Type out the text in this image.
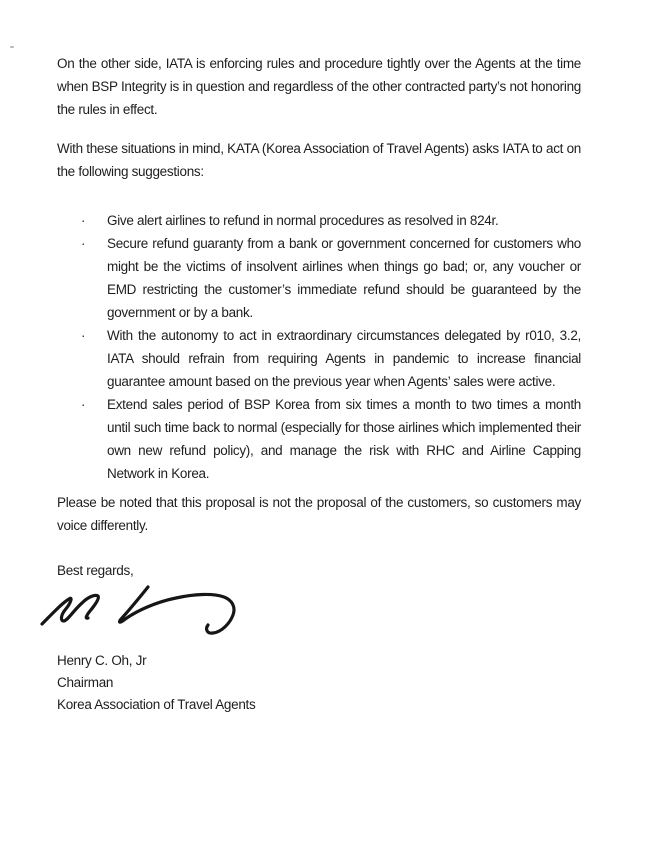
On the other side, IATA is enforcing rules and procedure tightly over the Agents at the time when BSP Integrity is in question and regardless of the other contracted party’s not honoring the rules in effect.

With these situations in mind, KATA (Korea Association of Travel Agents) asks IATA to act on the following suggestions:

·	Give alert airlines to refund in normal procedures as resolved in 824r.
·	Secure refund guaranty from a bank or government concerned for customers who might be the victims of insolvent airlines when things go bad; or, any voucher or EMD restricting the customer’s immediate refund should be guaranteed by the government or by a bank.
·	With the autonomy to act in extraordinary circumstances delegated by r010, 3.2, IATA should refrain from requiring Agents in pandemic to increase financial guarantee amount based on the previous year when Agents’ sales were active.
·	Extend sales period of BSP Korea from six times a month to two times a month until such time back to normal (especially for those airlines which implemented their own new refund policy), and manage the risk with RHC and Airline Capping Network in Korea.

Please be noted that this proposal is not the proposal of the customers, so customers may voice differently.

Best regards,

Henry C. Oh, Jr
Chairman
Korea Association of Travel Agents
